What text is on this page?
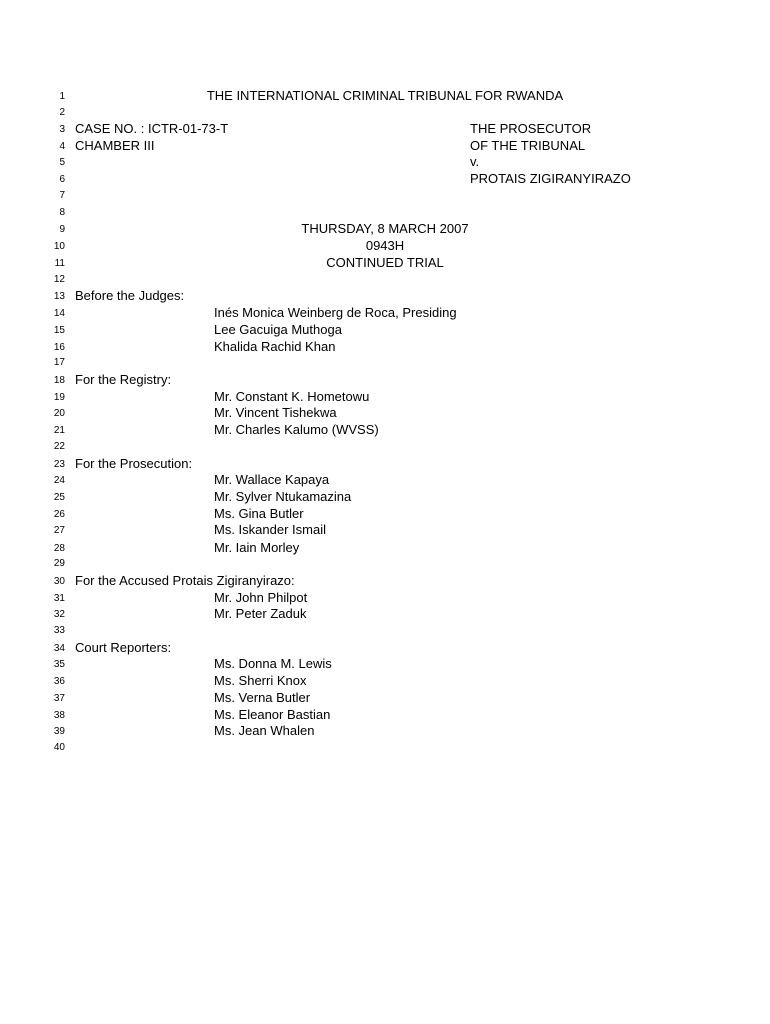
1	THE INTERNATIONAL CRIMINAL TRIBUNAL FOR RWANDA
2
3 CASE NO. : ICTR-01-73-T	THE PROSECUTOR
4 CHAMBER III	OF THE TRIBUNAL
5	v.
6	PROTAIS ZIGIRANYIRAZO
7
8
9	THURSDAY, 8 MARCH 2007
10	0943H
11	CONTINUED TRIAL
12
13 Before the Judges:
14	Inés Monica Weinberg de Roca, Presiding
15	Lee Gacuiga Muthoga
16	Khalida Rachid Khan
17
18 For the Registry:
19	Mr. Constant K. Hometowu
20	Mr. Vincent Tishekwa
21	Mr. Charles Kalumo (WVSS)
22
23 For the Prosecution:
24	Mr. Wallace Kapaya
25	Mr. Sylver Ntukamazina
26	Ms. Gina Butler
27	Ms. Iskander Ismail
28	Mr. Iain Morley
29
30 For the Accused Protais Zigiranyirazo:
31	Mr. John Philpot
32	Mr. Peter Zaduk
33
34 Court Reporters:
35	Ms. Donna M. Lewis
36	Ms. Sherri Knox
37	Ms. Verna Butler
38	Ms. Eleanor Bastian
39	Ms. Jean Whalen
40
